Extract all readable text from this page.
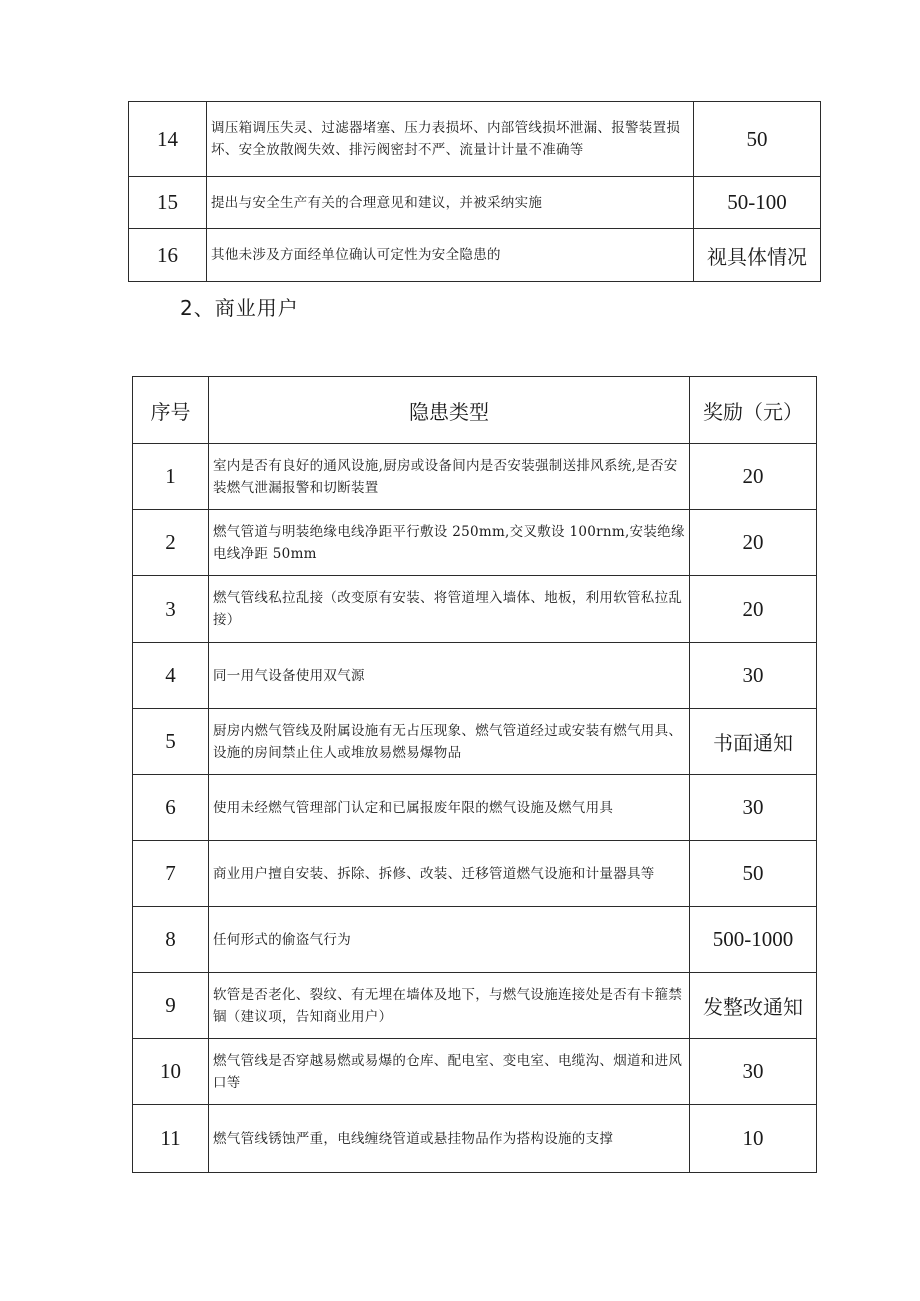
14	调压箱调压失灵、过滤器堵塞、压力表损坏、内部管线损坏泄漏、报警装置损坏、安全放散阀失效、排污阀密封不严、流量计计量不准确等	50
15	提出与安全生产有关的合理意见和建议，并被采纳实施	50-100
16	其他未涉及方面经单位确认可定性为安全隐患的	视具体情况
2、商业用户
序号	隐患类型	奖励（元）
1	室内是否有良好的通风设施,厨房或设备间内是否安装强制送排风系统,是否安装燃气泄漏报警和切断装置	20
2	燃气管道与明装绝缘电线净距平行敷设 250mm,交叉敷设 100rnm,安装绝缘电线净距 50mm	20
3	燃气管线私拉乱接（改变原有安装、将管道埋入墙体、地板，利用软管私拉乱接）	20
4	同一用气设备使用双气源	30
5	厨房内燃气管线及附属设施有无占压现象、燃气管道经过或安装有燃气用具、设施的房间禁止住人或堆放易燃易爆物品	书面通知
6	使用未经燃气管理部门认定和已属报废年限的燃气设施及燃气用具	30
7	商业用户擅自安装、拆除、拆修、改装、迁移管道燃气设施和计量器具等	50
8	任何形式的偷盗气行为	500-1000
9	软管是否老化、裂纹、有无埋在墙体及地下，与燃气设施连接处是否有卡箍禁锢（建议项，告知商业用户）	发整改通知
10	燃气管线是否穿越易燃或易爆的仓库、配电室、变电室、电缆沟、烟道和进风口等	30
11	燃气管线锈蚀严重，电线缠绕管道或悬挂物品作为搭构设施的支撑	10
